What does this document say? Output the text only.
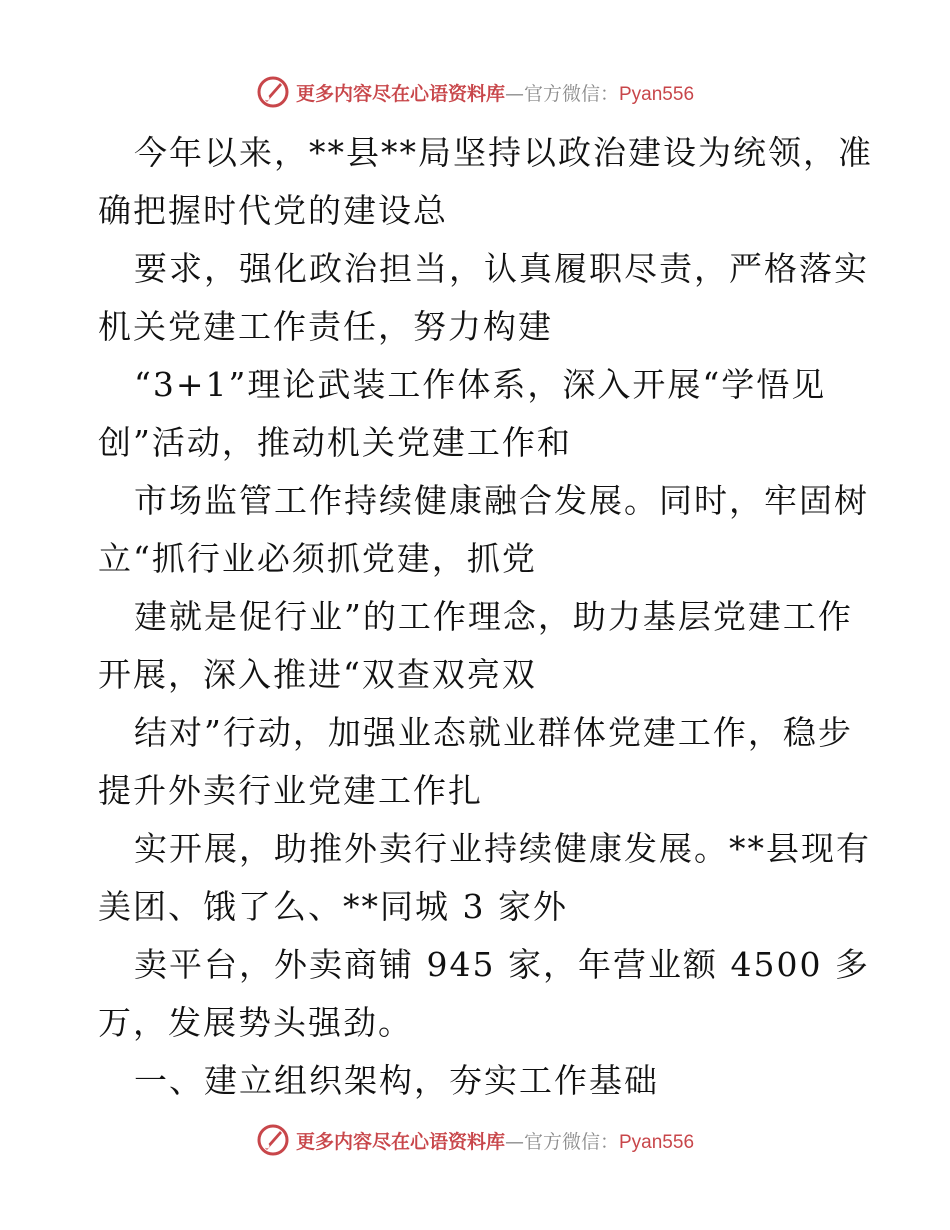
更多内容尽在心语资料库—官方微信：Pyan556

今年以来，**县**局坚持以政治建设为统领，准

确把握时代党的建设总

要求，强化政治担当，认真履职尽责，严格落实

机关党建工作责任，努力构建

“3+1”理论武装工作体系，深入开展“学悟见

创”活动，推动机关党建工作和

市场监管工作持续健康融合发展。同时，牢固树

立“抓行业必须抓党建，抓党

建就是促行业”的工作理念，助力基层党建工作

开展，深入推进“双查双亮双

结对”行动，加强业态就业群体党建工作，稳步

提升外卖行业党建工作扎

实开展，助推外卖行业持续健康发展。**县现有

美团、饿了么、**同城 3 家外

卖平台，外卖商铺 945 家，年营业额 4500 多

万，发展势头强劲。

一、建立组织架构，夯实工作基础

更多内容尽在心语资料库—官方微信：Pyan556
